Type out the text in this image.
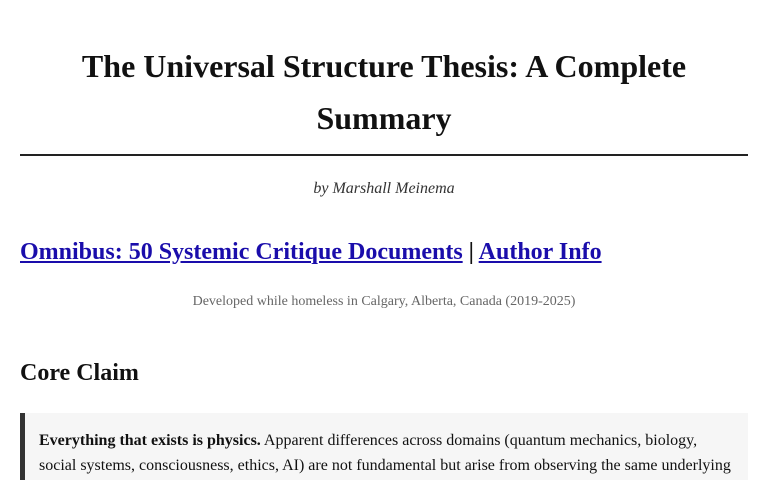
The Universal Structure Thesis: A Complete Summary
by Marshall Meinema
Omnibus: 50 Systemic Critique Documents | Author Info
Developed while homeless in Calgary, Alberta, Canada (2019-2025)
Core Claim
Everything that exists is physics. Apparent differences across domains (quantum mechanics, biology, social systems, consciousness, ethics, AI) are not fundamental but arise from observing the same underlying
